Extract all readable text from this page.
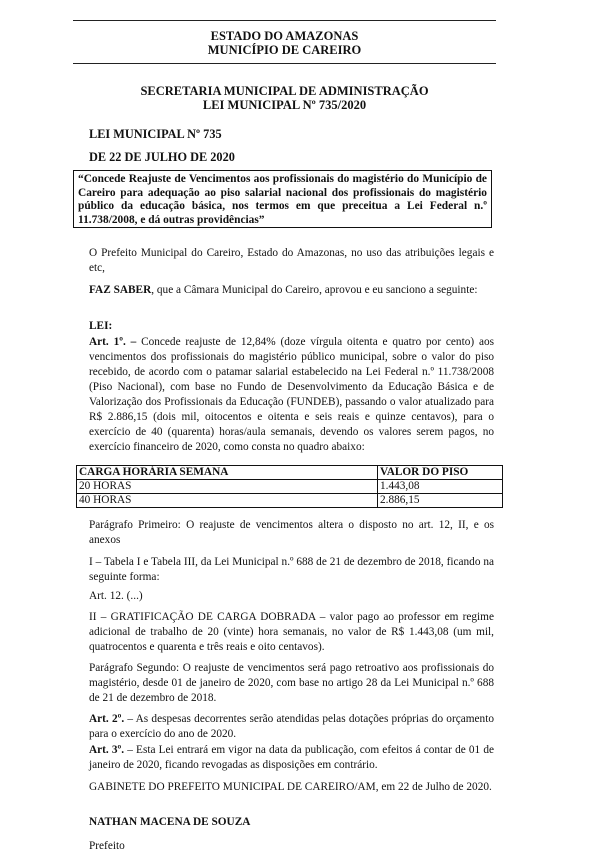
ESTADO DO AMAZONAS
MUNICÍPIO DE CAREIRO
SECRETARIA MUNICIPAL DE ADMINISTRAÇÃO
LEI MUNICIPAL Nº 735/2020
LEI MUNICIPAL Nº 735
DE 22 DE JULHO DE 2020
“Concede Reajuste de Vencimentos aos profissionais do magistério do Município de Careiro para adequação ao piso salarial nacional dos profissionais do magistério público da educação básica, nos termos em que preceitua a Lei Federal n.º 11.738/2008, e dá outras providências”
O Prefeito Municipal do Careiro, Estado do Amazonas, no uso das atribuições legais e etc,
FAZ SABER, que a Câmara Municipal do Careiro, aprovou e eu sanciono a seguinte:
LEI:
Art. 1º. – Concede reajuste de 12,84% (doze vírgula oitenta e quatro por cento) aos vencimentos dos profissionais do magistério público municipal, sobre o valor do piso recebido, de acordo com o patamar salarial estabelecido na Lei Federal n.º 11.738/2008 (Piso Nacional), com base no Fundo de Desenvolvimento da Educação Básica e de Valorização dos Profissionais da Educação (FUNDEB), passando o valor atualizado para R$ 2.886,15 (dois mil, oitocentos e oitenta e seis reais e quinze centavos), para o exercício de 40 (quarenta) horas/aula semanais, devendo os valores serem pagos, no exercício financeiro de 2020, como consta no quadro abaixo:
CARGA HORÁRIA SEMANA	VALOR DO PISO
20 HORAS	1.443,08
40 HORAS	2.886,15
Parágrafo Primeiro: O reajuste de vencimentos altera o disposto no art. 12, II, e os anexos
I – Tabela I e Tabela III, da Lei Municipal n.º 688 de 21 de dezembro de 2018, ficando na seguinte forma:
Art. 12. (...)
II – GRATIFICAÇÃO DE CARGA DOBRADA – valor pago ao professor em regime adicional de trabalho de 20 (vinte) hora semanais, no valor de R$ 1.443,08 (um mil, quatrocentos e quarenta e três reais e oito centavos).
Parágrafo Segundo: O reajuste de vencimentos será pago retroativo aos profissionais do magistério, desde 01 de janeiro de 2020, com base no artigo 28 da Lei Municipal n.º 688 de 21 de dezembro de 2018.
Art. 2º. – As despesas decorrentes serão atendidas pelas dotações próprias do orçamento para o exercício do ano de 2020.
Art. 3º. – Esta Lei entrará em vigor na data da publicação, com efeitos á contar de 01 de janeiro de 2020, ficando revogadas as disposições em contrário.
GABINETE DO PREFEITO MUNICIPAL DE CAREIRO/AM, em 22 de Julho de 2020.
NATHAN MACENA DE SOUZA
Prefeito
